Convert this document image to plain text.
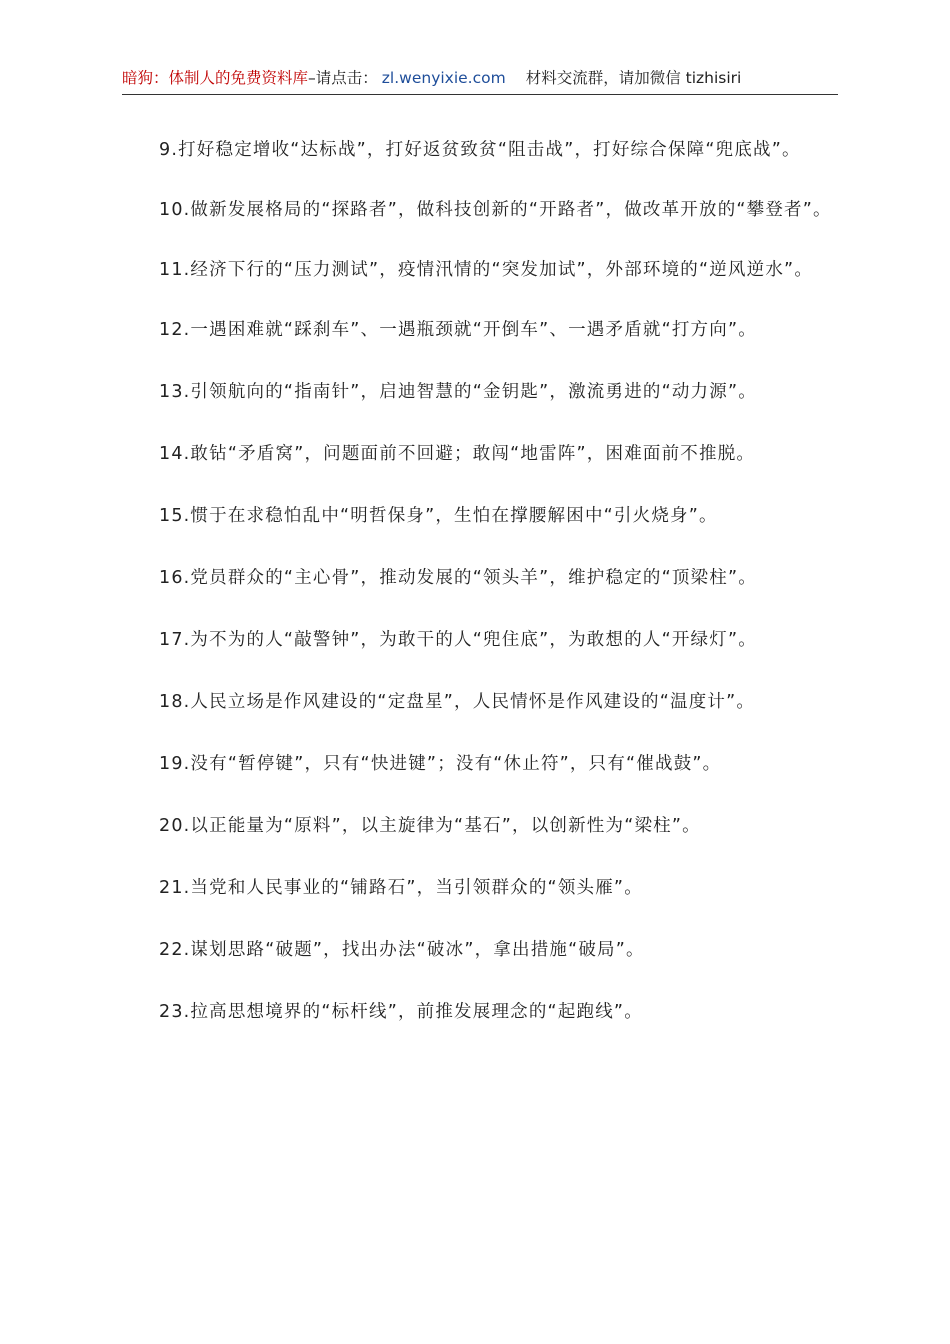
暗狗：体制人的免费资料库–请点击： zl.wenyixie.com 材料交流群，请加微信 tizhisiri

9.打好稳定增收“达标战”，打好返贫致贫“阻击战”，打好综合保障“兜底战”。

10.做新发展格局的“探路者”，做科技创新的“开路者”，做改革开放的“攀登者”。

11.经济下行的“压力测试”，疫情汛情的“突发加试”，外部环境的“逆风逆水”。

12.一遇困难就“踩刹车”、一遇瓶颈就“开倒车”、一遇矛盾就“打方向”。

13.引领航向的“指南针”，启迪智慧的“金钥匙”，激流勇进的“动力源”。

14.敢钻“矛盾窝”，问题面前不回避；敢闯“地雷阵”，困难面前不推脱。

15.惯于在求稳怕乱中“明哲保身”，生怕在撑腰解困中“引火烧身”。

16.党员群众的“主心骨”，推动发展的“领头羊”，维护稳定的“顶梁柱”。

17.为不为的人“敲警钟”，为敢干的人“兜住底”，为敢想的人“开绿灯”。

18.人民立场是作风建设的“定盘星”，人民情怀是作风建设的“温度计”。

19.没有“暂停键”，只有“快进键”；没有“休止符”，只有“催战鼓”。

20.以正能量为“原料”，以主旋律为“基石”，以创新性为“梁柱”。

21.当党和人民事业的“铺路石”，当引领群众的“领头雁”。

22.谋划思路“破题”，找出办法“破冰”，拿出措施“破局”。

23.拉高思想境界的“标杆线”，前推发展理念的“起跑线”。
